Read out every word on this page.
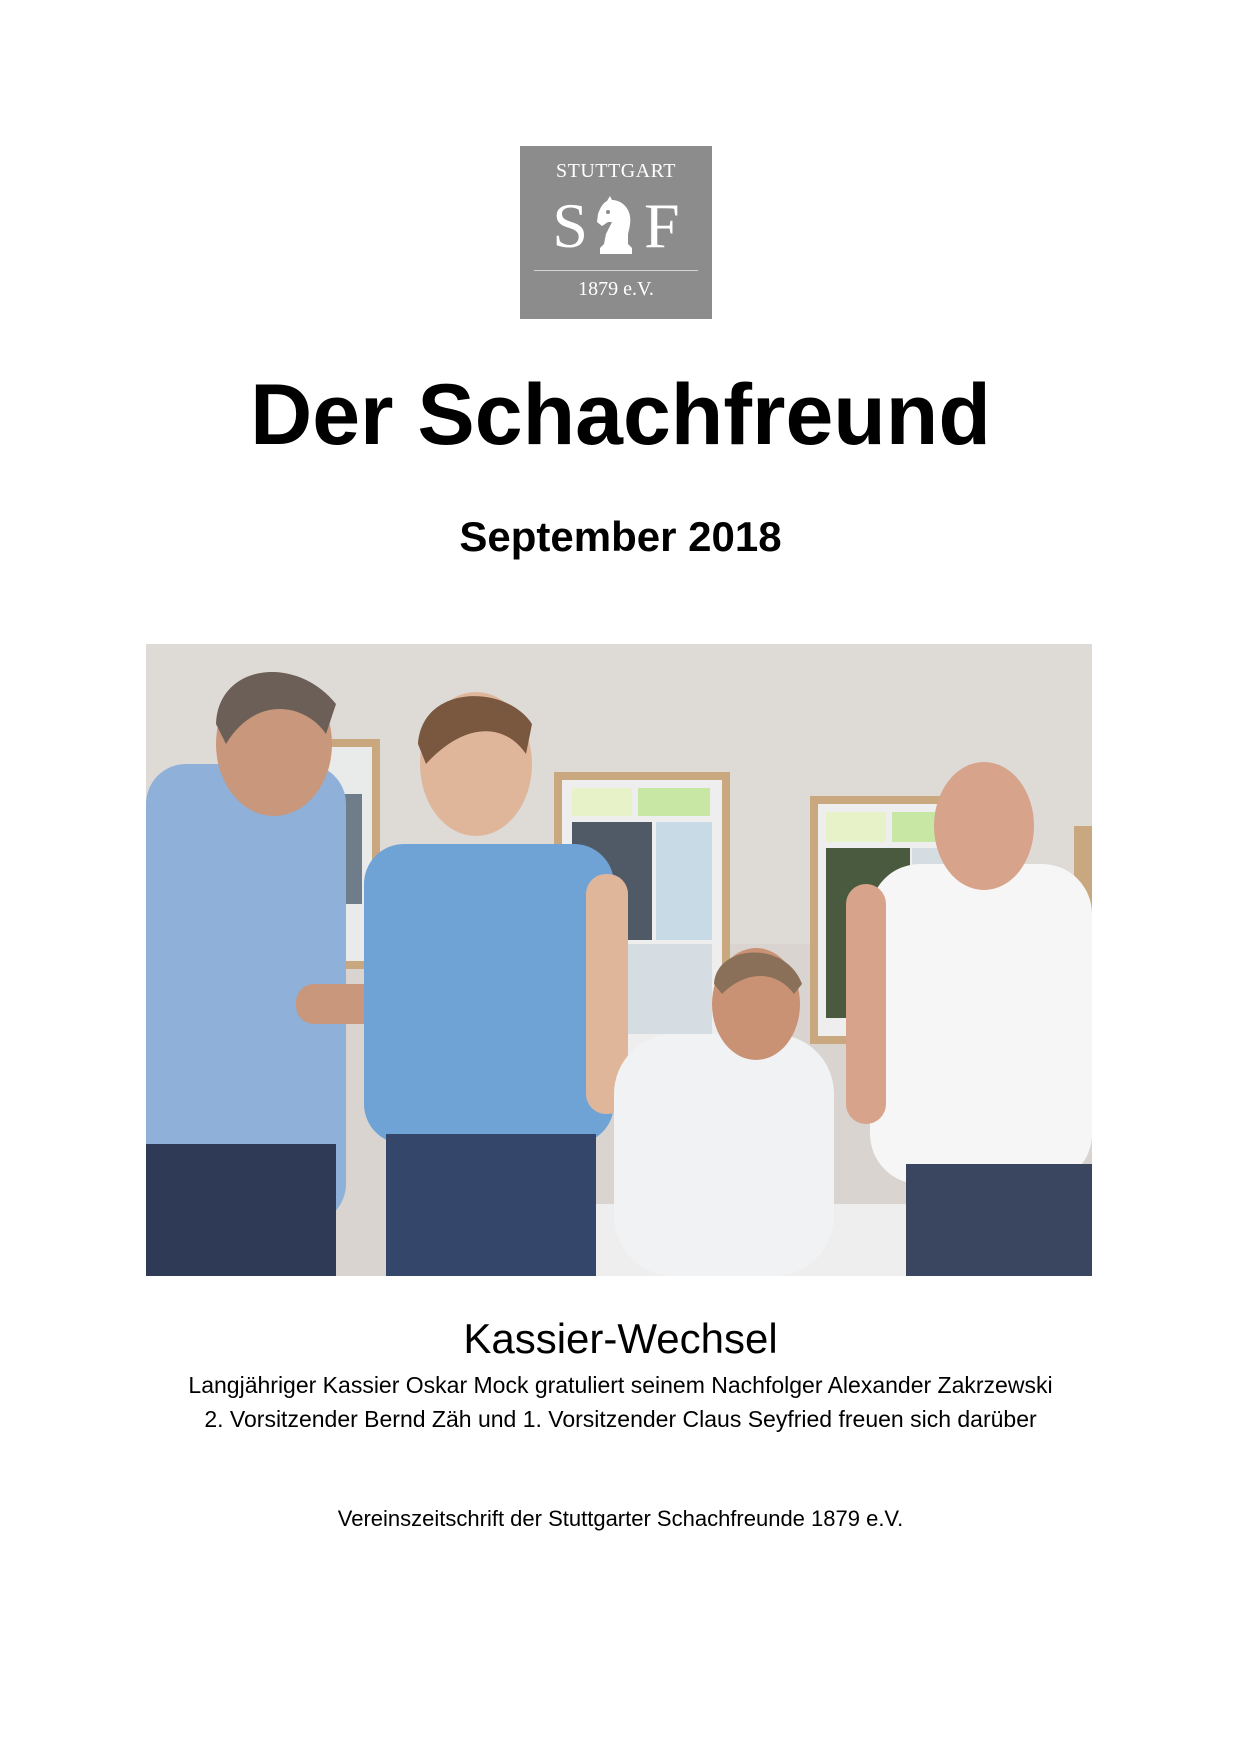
STUTTGART
S F
1879 e.V.
Der Schachfreund
September 2018
Kassier-Wechsel

Langjähriger Kassier Oskar Mock gratuliert seinem Nachfolger Alexander Zakrzewski

2. Vorsitzender Bernd Zäh und 1. Vorsitzender Claus Seyfried freuen sich darüber

Vereinszeitschrift der Stuttgarter Schachfreunde 1879 e.V.
